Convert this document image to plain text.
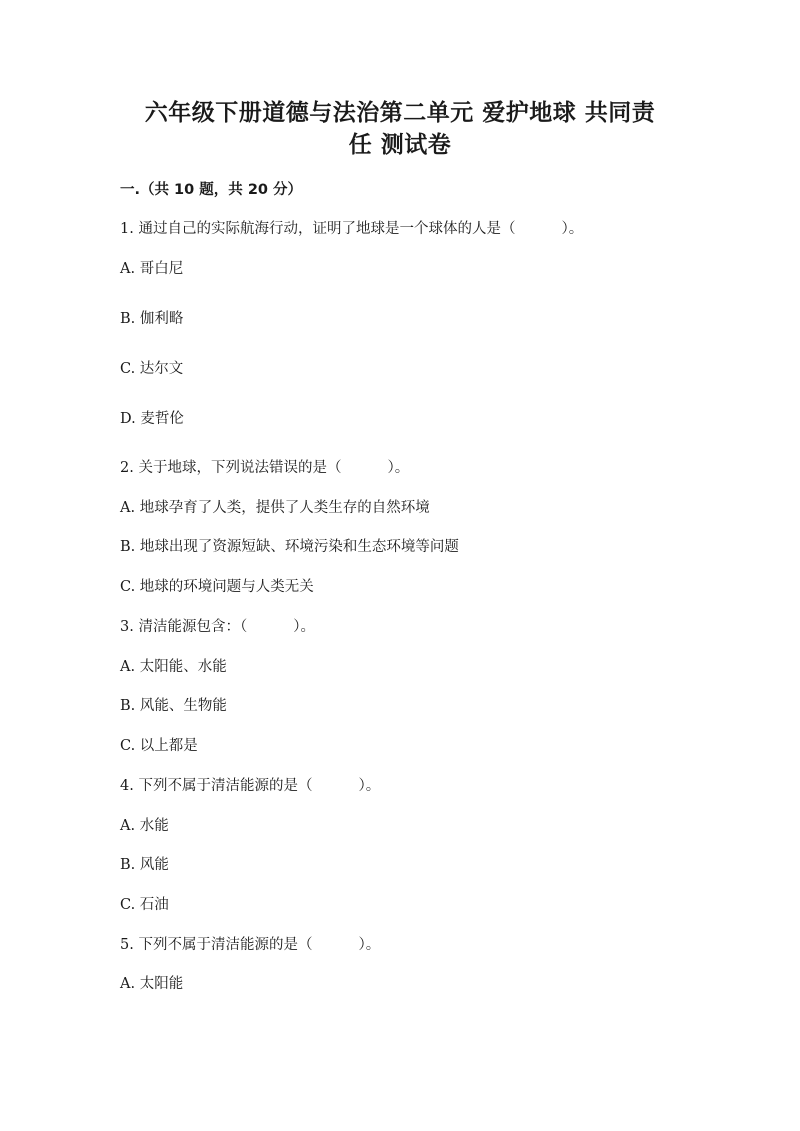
六年级下册道德与法治第二单元 爱护地球 共同责
任 测试卷
一.（共 10 题，共 20 分）
1. 通过自己的实际航海行动，证明了地球是一个球体的人是（          ）。
A. 哥白尼
B. 伽利略
C. 达尔文
D. 麦哲伦
2. 关于地球，下列说法错误的是（          ）。
A. 地球孕育了人类，提供了人类生存的自然环境
B. 地球出现了资源短缺、环境污染和生态环境等问题
C. 地球的环境问题与人类无关
3. 清洁能源包含：（          ）。
A. 太阳能、水能
B. 风能、生物能
C. 以上都是
4. 下列不属于清洁能源的是（          ）。
A. 水能
B. 风能
C. 石油
5. 下列不属于清洁能源的是（          ）。
A. 太阳能
